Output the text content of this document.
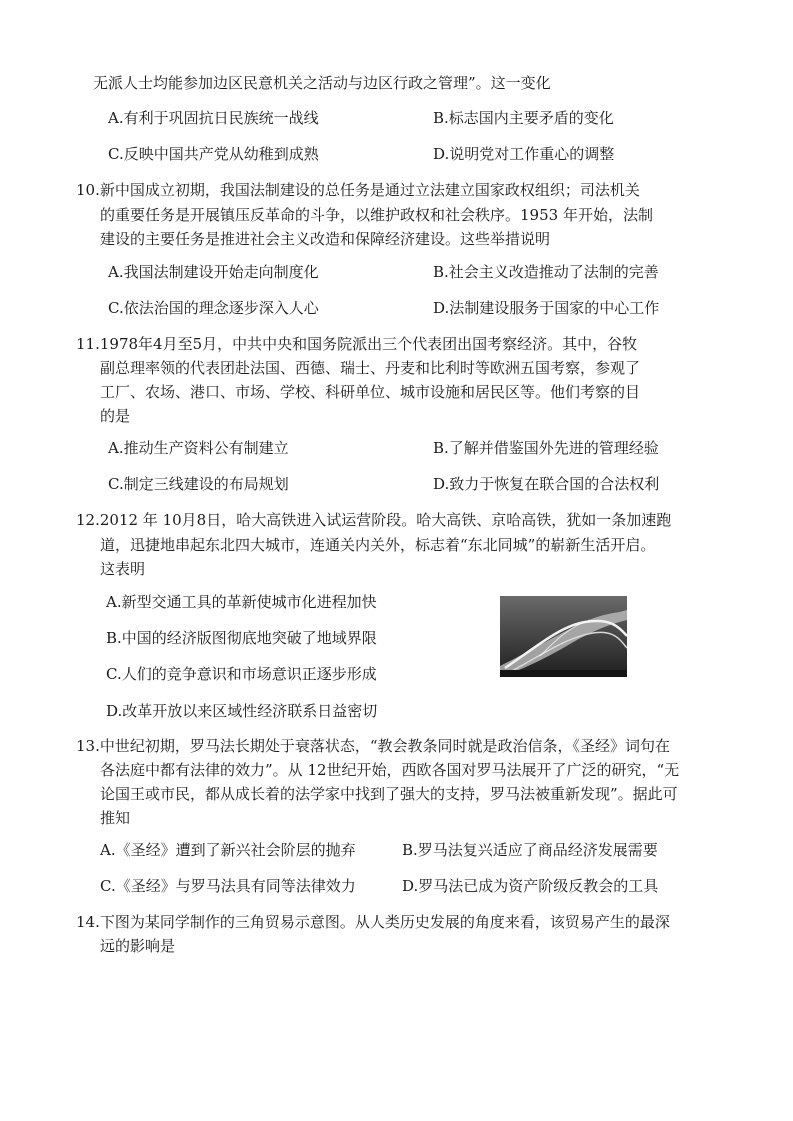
无派人士均能参加边区民意机关之活动与边区行政之管理”。这一变化
A.有利于巩固抗日民族统一战线	B.标志国内主要矛盾的变化
C.反映中国共产党从幼稚到成熟	D.说明党对工作重心的调整
10.新中国成立初期，我国法制建设的总任务是通过立法建立国家政权组织；司法机关
的重要任务是开展镇压反革命的斗争，以维护政权和社会秩序。1953 年开始，法制
建设的主要任务是推进社会主义改造和保障经济建设。这些举措说明
A.我国法制建设开始走向制度化	B.社会主义改造推动了法制的完善
C.依法治国的理念逐步深入人心	D.法制建设服务于国家的中心工作
11.1978年4月至5月，中共中央和国务院派出三个代表团出国考察经济。其中，谷牧
副总理率领的代表团赴法国、西德、瑞士、丹麦和比利时等欧洲五国考察，参观了
工厂、农场、港口、市场、学校、科研单位、城市设施和居民区等。他们考察的目
的是
A.推动生产资料公有制建立	B.了解并借鉴国外先进的管理经验
C.制定三线建设的布局规划	D.致力于恢复在联合国的合法权利
12.2012 年 10月8日，哈大高铁进入试运营阶段。哈大高铁、京哈高铁，犹如一条加速跑
道，迅捷地串起东北四大城市，连通关内关外，标志着“东北同城”的崭新生活开启。
这表明
A.新型交通工具的革新使城市化进程加快
B.中国的经济版图彻底地突破了地域界限
C.人们的竞争意识和市场意识正逐步形成
D.改革开放以来区域性经济联系日益密切
13.中世纪初期，罗马法长期处于衰落状态，“教会教条同时就是政治信条，《圣经》词句在
各法庭中都有法律的效力”。从 12世纪开始，西欧各国对罗马法展开了广泛的研究，“无
论国王或市民，都从成长着的法学家中找到了强大的支持，罗马法被重新发现”。据此可
推知
A.《圣经》遭到了新兴社会阶层的抛弃	B.罗马法复兴适应了商品经济发展需要
C.《圣经》与罗马法具有同等法律效力	D.罗马法已成为资产阶级反教会的工具
14.下图为某同学制作的三角贸易示意图。从人类历史发展的角度来看，该贸易产生的最深
远的影响是
